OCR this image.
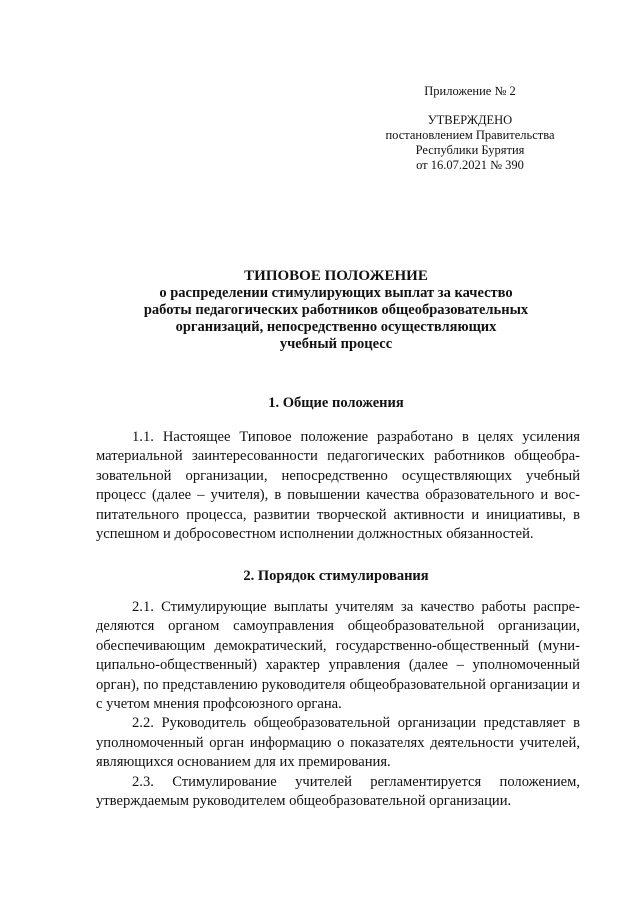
Приложение № 2
УТВЕРЖДЕНО
постановлением Правительства
Республики Бурятия
от 16.07.2021 № 390
ТИПОВОЕ ПОЛОЖЕНИЕ
о распределении стимулирующих выплат за качество
работы педагогических работников общеобразовательных
организаций, непосредственно осуществляющих
учебный процесс
1. Общие положения

1.1. Настоящее Типовое положение разработано в целях усиления материальной заинтересованности педагогических работников общеобразовательной организации, непосредственно осуществляющих учебный процесс (далее – учителя), в повышении качества образовательного и воспитательного процесса, развитии творческой активности и инициативы, в успешном и добросовестном исполнении должностных обязанностей.

2. Порядок стимулирования

2.1. Стимулирующие выплаты учителям за качество работы распределяются органом самоуправления общеобразовательной организации, обеспечивающим демократический, государственно-общественный (муниципально-общественный) характер управления (далее – уполномоченный орган), по представлению руководителя общеобразовательной организации и с учетом мнения профсоюзного органа.

2.2. Руководитель общеобразовательной организации представляет в уполномоченный орган информацию о показателях деятельности учителей, являющихся основанием для их премирования.

2.3. Стимулирование учителей регламентируется положением, утверждаемым руководителем общеобразовательной организации.
